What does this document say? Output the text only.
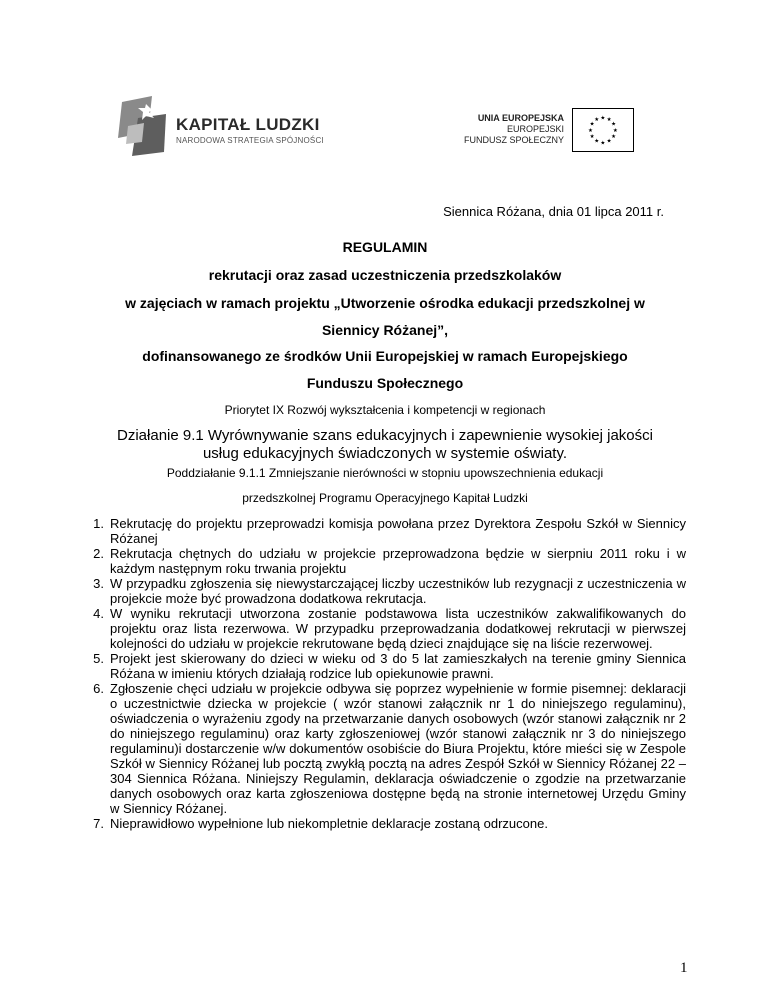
KAPITAŁ LUDZKI
NARODOWA STRATEGIA SPÓJNOŚCI
UNIA EUROPEJSKA
EUROPEJSKI
FUNDUSZ SPOŁECZNY
★ ★
★
★
★
★
★
★
★
★
★
★
Siennica Różana, dnia 01 lipca 2011 r.
REGULAMIN
rekrutacji oraz zasad uczestniczenia przedszkolaków
w zajęciach w ramach projektu „Utworzenie ośrodka edukacji przedszkolnej w
Siennicy Różanej”,
dofinansowanego ze środków Unii Europejskiej w ramach Europejskiego
Funduszu Społecznego
Priorytet IX Rozwój wykształcenia i kompetencji w regionach
Działanie 9.1 Wyrównywanie szans edukacyjnych i zapewnienie wysokiej jakości
usług edukacyjnych świadczonych w systemie oświaty.
Poddziałanie 9.1.1 Zmniejszanie nierówności w stopniu upowszechnienia edukacji
przedszkolnej Programu Operacyjnego Kapitał Ludzki
1. Rekrutację do projektu przeprowadzi komisja powołana przez Dyrektora Zespołu Szkół w Siennicy Różanej
2. Rekrutacja chętnych do udziału w projekcie przeprowadzona będzie w sierpniu 2011 roku i w każdym następnym roku trwania projektu
3. W przypadku zgłoszenia się niewystarczającej liczby uczestników lub rezygnacji z uczestniczenia w projekcie może być prowadzona dodatkowa rekrutacja.
4. W wyniku rekrutacji utworzona zostanie podstawowa lista uczestników zakwalifikowanych do projektu oraz lista rezerwowa. W przypadku przeprowadzania dodatkowej rekrutacji w pierwszej kolejności do udziału w projekcie rekrutowane będą dzieci znajdujące się na liście rezerwowej.
5. Projekt jest skierowany do dzieci w wieku od 3 do 5 lat zamieszkałych na terenie gminy Siennica Różana w imieniu których działają rodzice lub opiekunowie prawni.
6. Zgłoszenie chęci udziału w projekcie odbywa się poprzez wypełnienie w formie pisemnej: deklaracji o uczestnictwie dziecka w projekcie ( wzór stanowi załącznik nr 1 do niniejszego regulaminu), oświadczenia o wyrażeniu zgody na przetwarzanie danych osobowych (wzór stanowi załącznik nr 2 do niniejszego regulaminu) oraz karty zgłoszeniowej (wzór stanowi załącznik nr 3 do niniejszego regulaminu)i dostarczenie w/w dokumentów osobiście do Biura Projektu, które mieści się w Zespole Szkół w Siennicy Różanej lub pocztą zwykłą pocztą na adres Zespół Szkół w Siennicy Różanej 22 – 304 Siennica Różana. Niniejszy Regulamin, deklaracja oświadczenie o zgodzie na przetwarzanie danych osobowych oraz karta zgłoszeniowa dostępne będą na stronie internetowej Urzędu Gminy w Siennicy Różanej.
7. Nieprawidłowo wypełnione lub niekompletnie deklaracje zostaną odrzucone.
1
